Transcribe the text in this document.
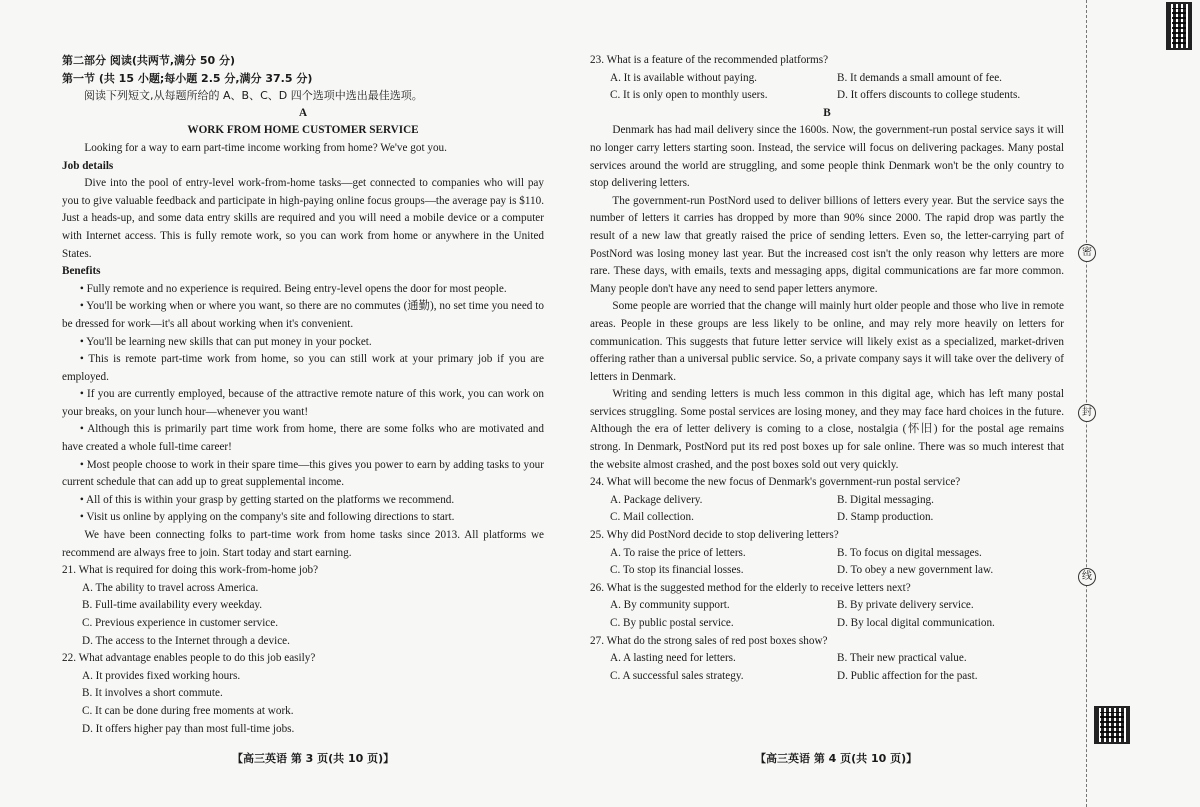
第二部分 阅读(共两节,满分 50 分)
第一节 (共 15 小题;每小题 2.5 分,满分 37.5 分)
阅读下列短文,从每题所给的 A、B、C、D 四个选项中选出最佳选项。
A
WORK FROM HOME CUSTOMER SERVICE
Looking for a way to earn part-time income working from home? We've got you.
Job details
Dive into the pool of entry-level work-from-home tasks—get connected to companies who will pay you to give valuable feedback and participate in high-paying online focus groups—the average pay is $110. Just a heads-up, and some data entry skills are required and you will need a mobile device or a computer with Internet access. This is fully remote work, so you can work from home or anywhere in the United States.
Benefits
• Fully remote and no experience is required. Being entry-level opens the door for most people.
• You'll be working when or where you want, so there are no commutes (通勤), no set time you need to be dressed for work—it's all about working when it's convenient.
• You'll be learning new skills that can put money in your pocket.
• This is remote part-time work from home, so you can still work at your primary job if you are employed.
• If you are currently employed, because of the attractive remote nature of this work, you can work on your breaks, on your lunch hour—whenever you want!
• Although this is primarily part time work from home, there are some folks who are motivated and have created a whole full-time career!
• Most people choose to work in their spare time—this gives you power to earn by adding tasks to your current schedule that can add up to great supplemental income.
• All of this is within your grasp by getting started on the platforms we recommend.
• Visit us online by applying on the company's site and following directions to start.
We have been connecting folks to part-time work from home tasks since 2013. All platforms we recommend are always free to join. Start today and start earning.
21. What is required for doing this work-from-home job?
A. The ability to travel across America.
B. Full-time availability every weekday.
C. Previous experience in customer service.
D. The access to the Internet through a device.
22. What advantage enables people to do this job easily?
A. It provides fixed working hours.
B. It involves a short commute.
C. It can be done during free moments at work.
D. It offers higher pay than most full-time jobs.
【高三英语 第 3 页(共 10 页)】
23. What is a feature of the recommended platforms?
A. It is available without paying.	B. It demands a small amount of fee.
C. It is only open to monthly users.	D. It offers discounts to college students.
B
Denmark has had mail delivery since the 1600s. Now, the government-run postal service says it will no longer carry letters starting soon. Instead, the service will focus on delivering packages. Many postal services around the world are struggling, and some people think Denmark won't be the only country to stop delivering letters.
The government-run PostNord used to deliver billions of letters every year. But the service says the number of letters it carries has dropped by more than 90% since 2000. The rapid drop was partly the result of a new law that greatly raised the price of sending letters. Even so, the letter-carrying part of PostNord was losing money last year. But the increased cost isn't the only reason why letters are more rare. These days, with emails, texts and messaging apps, digital communications are far more common. Many people don't have any need to send paper letters anymore.
Some people are worried that the change will mainly hurt older people and those who live in remote areas. People in these groups are less likely to be online, and may rely more heavily on letters for communication. This suggests that future letter service will likely exist as a specialized, market-driven offering rather than a universal public service. So, a private company says it will take over the delivery of letters in Denmark.
Writing and sending letters is much less common in this digital age, which has left many postal services struggling. Some postal services are losing money, and they may face hard choices in the future. Although the era of letter delivery is coming to a close, nostalgia (怀旧) for the postal age remains strong. In Denmark, PostNord put its red post boxes up for sale online. There was so much interest that the website almost crashed, and the post boxes sold out very quickly.
24. What will become the new focus of Denmark's government-run postal service?
A. Package delivery.	B. Digital messaging.
C. Mail collection.	D. Stamp production.
25. Why did PostNord decide to stop delivering letters?
A. To raise the price of letters.	B. To focus on digital messages.
C. To stop its financial losses.	D. To obey a new government law.
26. What is the suggested method for the elderly to receive letters next?
A. By community support.	B. By private delivery service.
C. By public postal service.	D. By local digital communication.
27. What do the strong sales of red post boxes show?
A. A lasting need for letters.	B. Their new practical value.
C. A successful sales strategy.	D. Public affection for the past.
【高三英语 第 4 页(共 10 页)】
密
封
线
